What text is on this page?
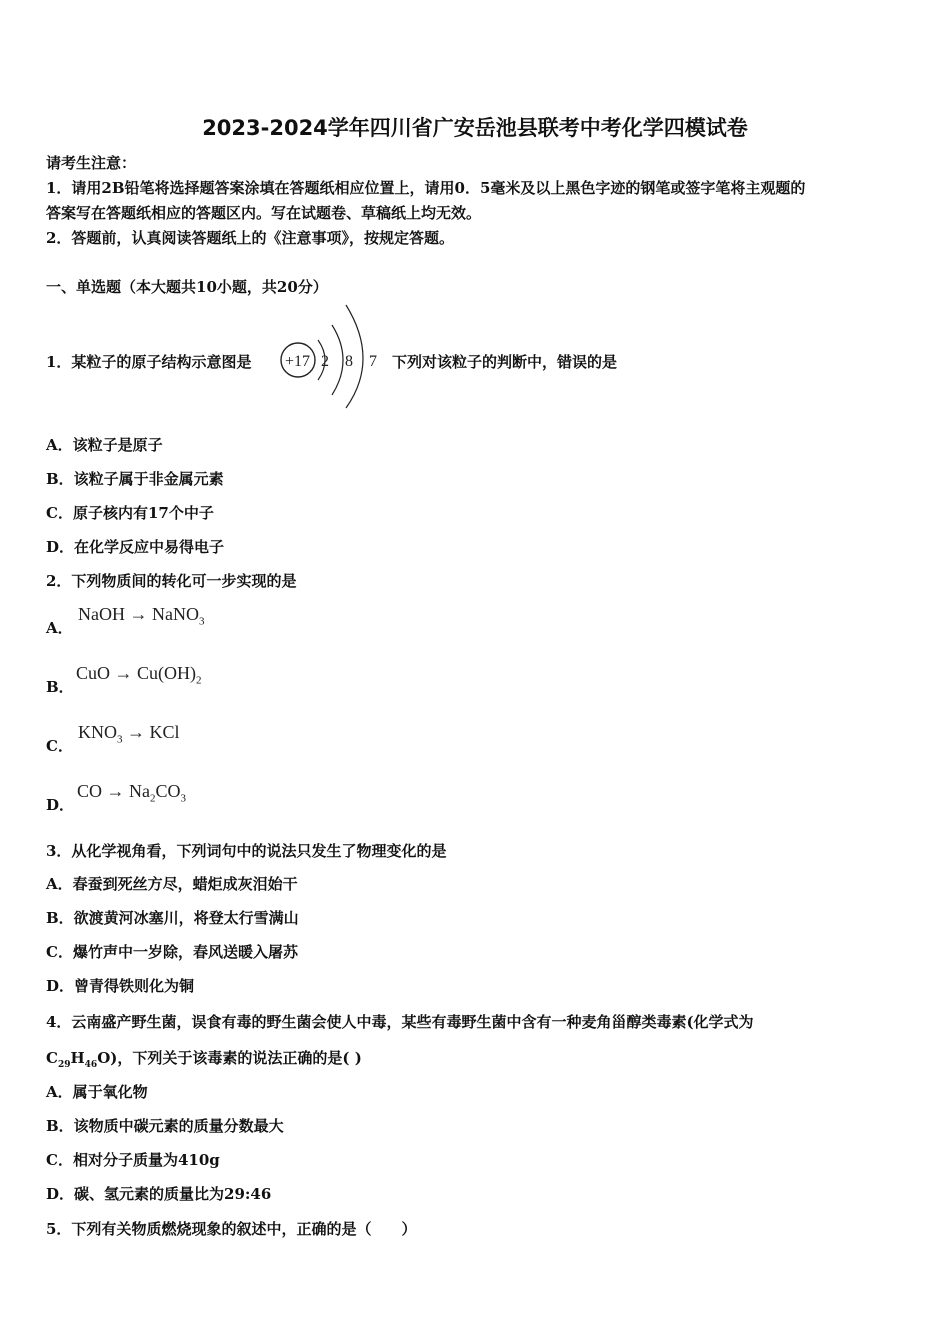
2023-2024学年四川省广安岳池县联考中考化学四模试卷
请考生注意：
1．请用2B铅笔将选择题答案涂填在答题纸相应位置上，请用0．5毫米及以上黑色字迹的钢笔或签字笔将主观题的
答案写在答题纸相应的答题区内。写在试题卷、草稿纸上均无效。
2．答题前，认真阅读答题纸上的《注意事项》，按规定答题。
一、单选题（本大题共10小题，共20分）
1．某粒子的原子结构示意图是 +17 2 8 7 下列对该粒子的判断中，错误的是
A．该粒子是原子
B．该粒子属于非金属元素
C．原子核内有17个中子
D．在化学反应中易得电子
2．下列物质间的转化可一步实现的是
A．
NaOH → NaNO$_3$
B．
CuO → $Cu(OH)_2$
C．
$KNO_3$ → KCl
D．
CO → $Na_2CO_3$
3．从化学视角看，下列词句中的说法只发生了物理变化的是
A．春蚕到死丝方尽，蜡炬成灰泪始干
B．欲渡黄河冰塞川，将登太行雪满山
C．爆竹声中一岁除，春风送暖入屠苏
D．曾青得铁则化为铜
4．云南盛产野生菌，误食有毒的野生菌会使人中毒，某些有毒野生菌中含有一种麦角甾醇类毒素(化学式为
$C_{29}H_{46}O$)，下列关于该毒素的说法正确的是( )
A．属于氧化物
B．该物质中碳元素的质量分数最大
C．相对分子质量为410g
D．碳、氢元素的质量比为29:46
5．下列有关物质燃烧现象的叙述中，正确的是（　　）
